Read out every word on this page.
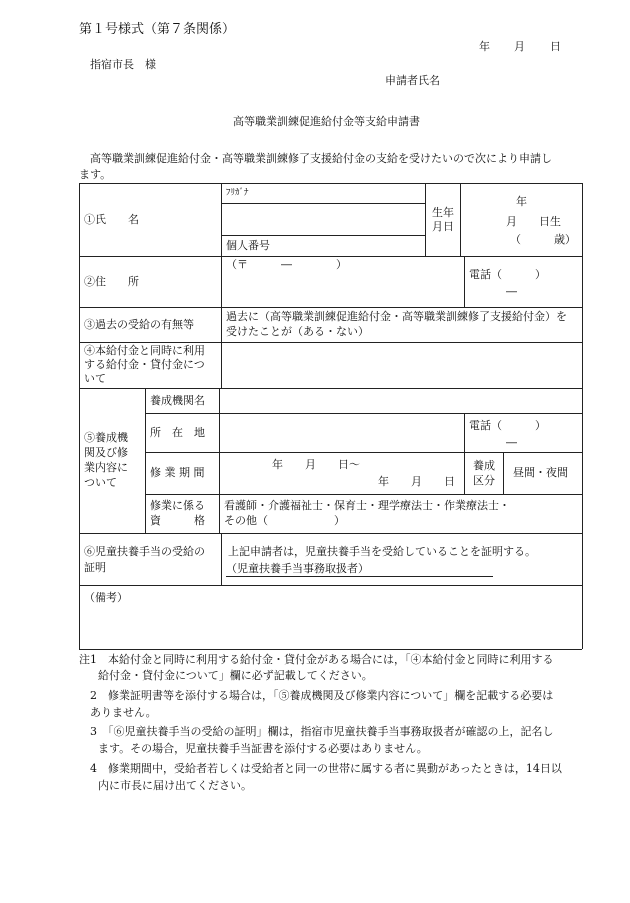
第１号様式（第７条関係）
年 月 日
指宿市長　様
申請者氏名
高等職業訓練促進給付金等支給申請書
高等職業訓練促進給付金・高等職業訓練修了支援給付金の支給を受けたいので次により申請し
ます。
①氏　　名
ﾌﾘｶﾞﾅ
個人番号
生年
月日
年
月　　日生
（　　　歳）
②住　　所
（〒　　　―　　　　）
電話（　　　）
―
③過去の受給の有無等
過去に（高等職業訓練促進給付金・高等職業訓練修了支援給付金）を
受けたことが（ある・ない）
④本給付金と同時に利用
する給付金・貸付金につ
いて
⑤養成機
関及び修
業内容に
ついて
養成機関名
所　在　地
電話（　　　）
―
修 業 期 間
年　　月　　日～
年　　月　　日
養成
区分
昼間・夜間
修業に係る
資　　　格
看護師・介護福祉士・保育士・理学療法士・作業療法士・
その他（　　　　　　）
⑥児童扶養手当の受給の
証明
上記申請者は，児童扶養手当を受給していることを証明する。
（児童扶養手当事務取扱者）
（備考）
注1　本給付金と同時に利用する給付金・貸付金がある場合には，「④本給付金と同時に利用する
給付金・貸付金について」欄に必ず記載してください。
2　修業証明書等を添付する場合は，「⑤養成機関及び修業内容について」欄を記載する必要は
ありません。
3　「⑥児童扶養手当の受給の証明」欄は，指宿市児童扶養手当事務取扱者が確認の上，記名し
ます。その場合，児童扶養手当証書を添付する必要はありません。
4　修業期間中，受給者若しくは受給者と同一の世帯に属する者に異動があったときは，14日以
内に市長に届け出てください。
